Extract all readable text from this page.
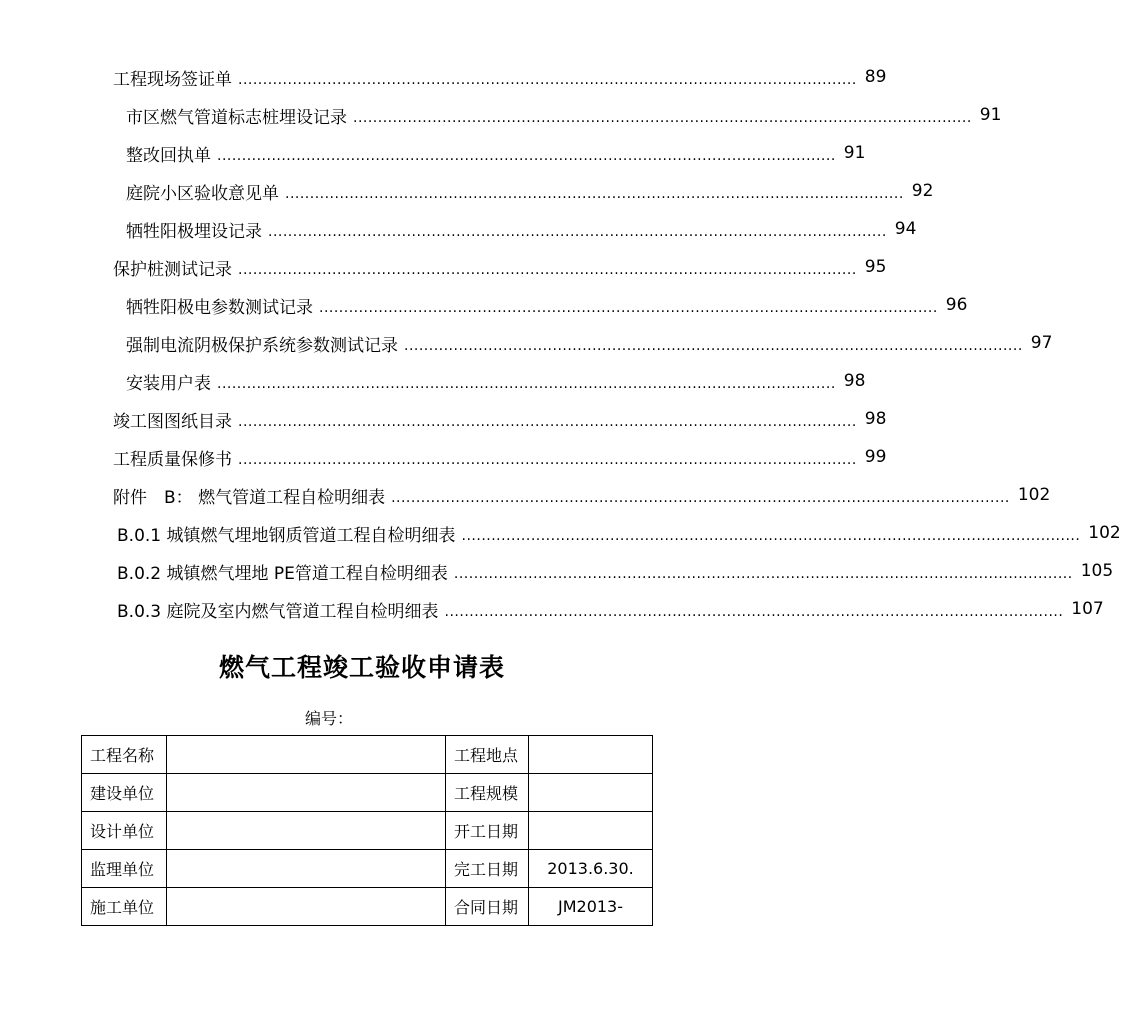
工程现场签证单 ............................................................................................................................. 89
市区燃气管道标志桩埋设记录 ............................................................................................................................. 91
整改回执单 ............................................................................................................................. 91
庭院小区验收意见单 ............................................................................................................................. 92
牺牲阳极埋设记录 ............................................................................................................................. 94
保护桩测试记录 ............................................................................................................................. 95
牺牲阳极电参数测试记录 ............................................................................................................................. 96
强制电流阴极保护系统参数测试记录 ............................................................................................................................. 97
安装用户表 ............................................................................................................................. 98
竣工图图纸目录 ............................................................................................................................. 98
工程质量保修书 ............................................................................................................................. 99
附件　B： 燃气管道工程自检明细表 ............................................................................................................................. 102
B.0.1 城镇燃气埋地钢质管道工程自检明细表 ............................................................................................................................. 102
B.0.2 城镇燃气埋地 PE管道工程自检明细表 ............................................................................................................................. 105
B.0.3 庭院及室内燃气管道工程自检明细表 ............................................................................................................................. 107
燃气工程竣工验收申请表
编号：
工程名称		工程地点	
建设单位		工程规模	
设计单位		开工日期	
监理单位		完工日期	2013.6.30.
施工单位		合同日期	JM2013-
